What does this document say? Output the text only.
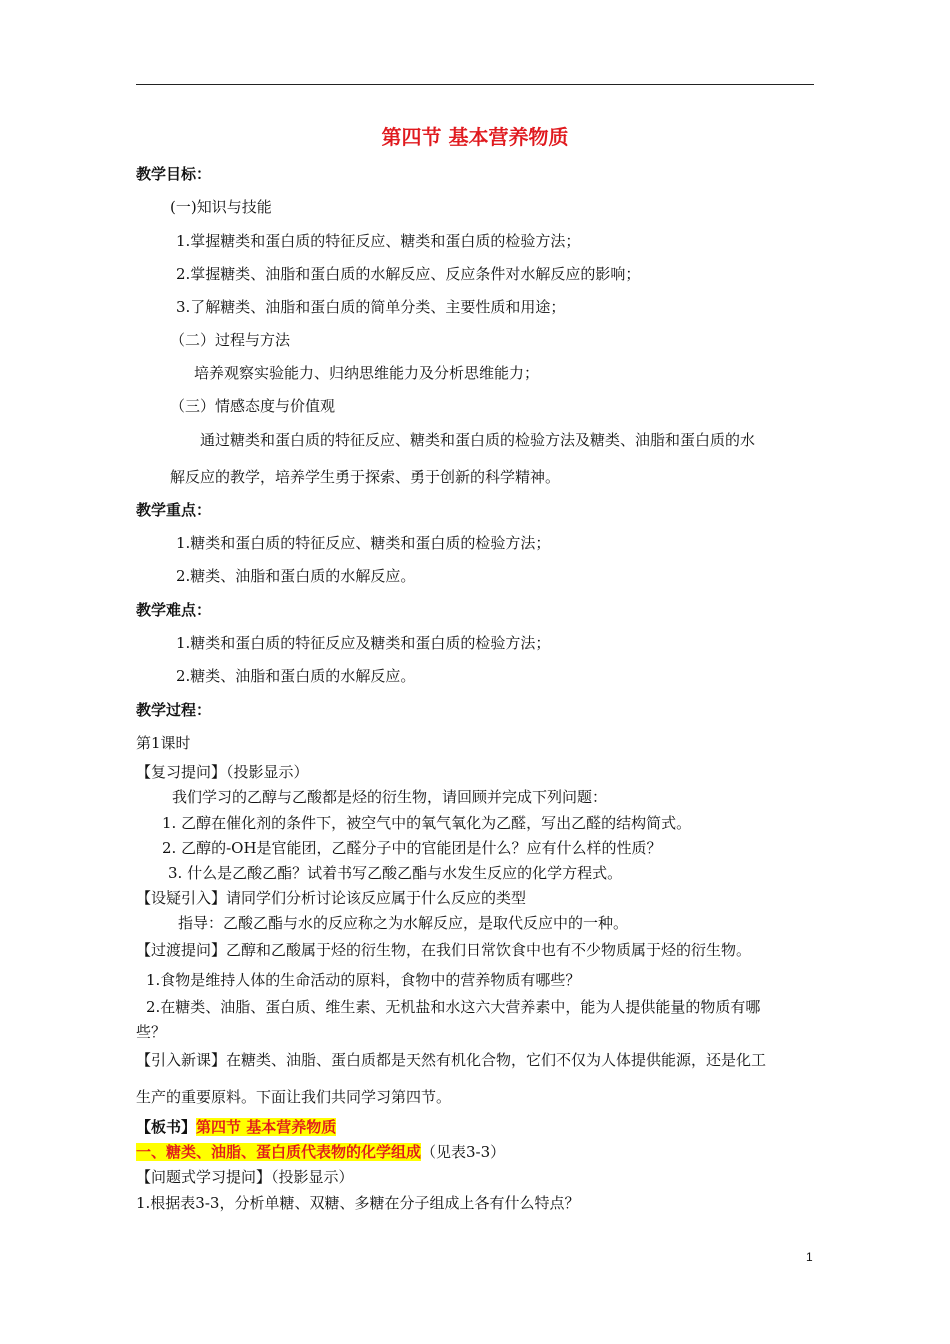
第四节 基本营养物质
教学目标：
(一)知识与技能
1.掌握糖类和蛋白质的特征反应、糖类和蛋白质的检验方法；
2.掌握糖类、油脂和蛋白质的水解反应、反应条件对水解反应的影响；
3.了解糖类、油脂和蛋白质的简单分类、主要性质和用途；
（二）过程与方法
培养观察实验能力、归纳思维能力及分析思维能力；
（三）情感态度与价值观
通过糖类和蛋白质的特征反应、糖类和蛋白质的检验方法及糖类、油脂和蛋白质的水
解反应的教学，培养学生勇于探索、勇于创新的科学精神。
教学重点：
1.糖类和蛋白质的特征反应、糖类和蛋白质的检验方法；
2.糖类、油脂和蛋白质的水解反应。
教学难点：
1.糖类和蛋白质的特征反应及糖类和蛋白质的检验方法；
2.糖类、油脂和蛋白质的水解反应。
教学过程：
第1课时
【复习提问】（投影显示）
我们学习的乙醇与乙酸都是烃的衍生物，请回顾并完成下列问题：
1. 乙醇在催化剂的条件下，被空气中的氧气氧化为乙醛，写出乙醛的结构简式。
2. 乙醇的-OH是官能团，乙醛分子中的官能团是什么？应有什么样的性质？
3. 什么是乙酸乙酯？试着书写乙酸乙酯与水发生反应的化学方程式。
【设疑引入】请同学们分析讨论该反应属于什么反应的类型
指导：乙酸乙酯与水的反应称之为水解反应，是取代反应中的一种。
【过渡提问】乙醇和乙酸属于烃的衍生物，在我们日常饮食中也有不少物质属于烃的衍生物。
1.食物是维持人体的生命活动的原料，食物中的营养物质有哪些？
2.在糖类、油脂、蛋白质、维生素、无机盐和水这六大营养素中，能为人提供能量的物质有哪
些？
【引入新课】在糖类、油脂、蛋白质都是天然有机化合物，它们不仅为人体提供能源，还是化工
生产的重要原料。下面让我们共同学习第四节。
【板书】第四节 基本营养物质
一、糖类、油脂、蛋白质代表物的化学组成（见表3-3）
【问题式学习提问】（投影显示）
1.根据表3-3，分析单糖、双糖、多糖在分子组成上各有什么特点？
1
